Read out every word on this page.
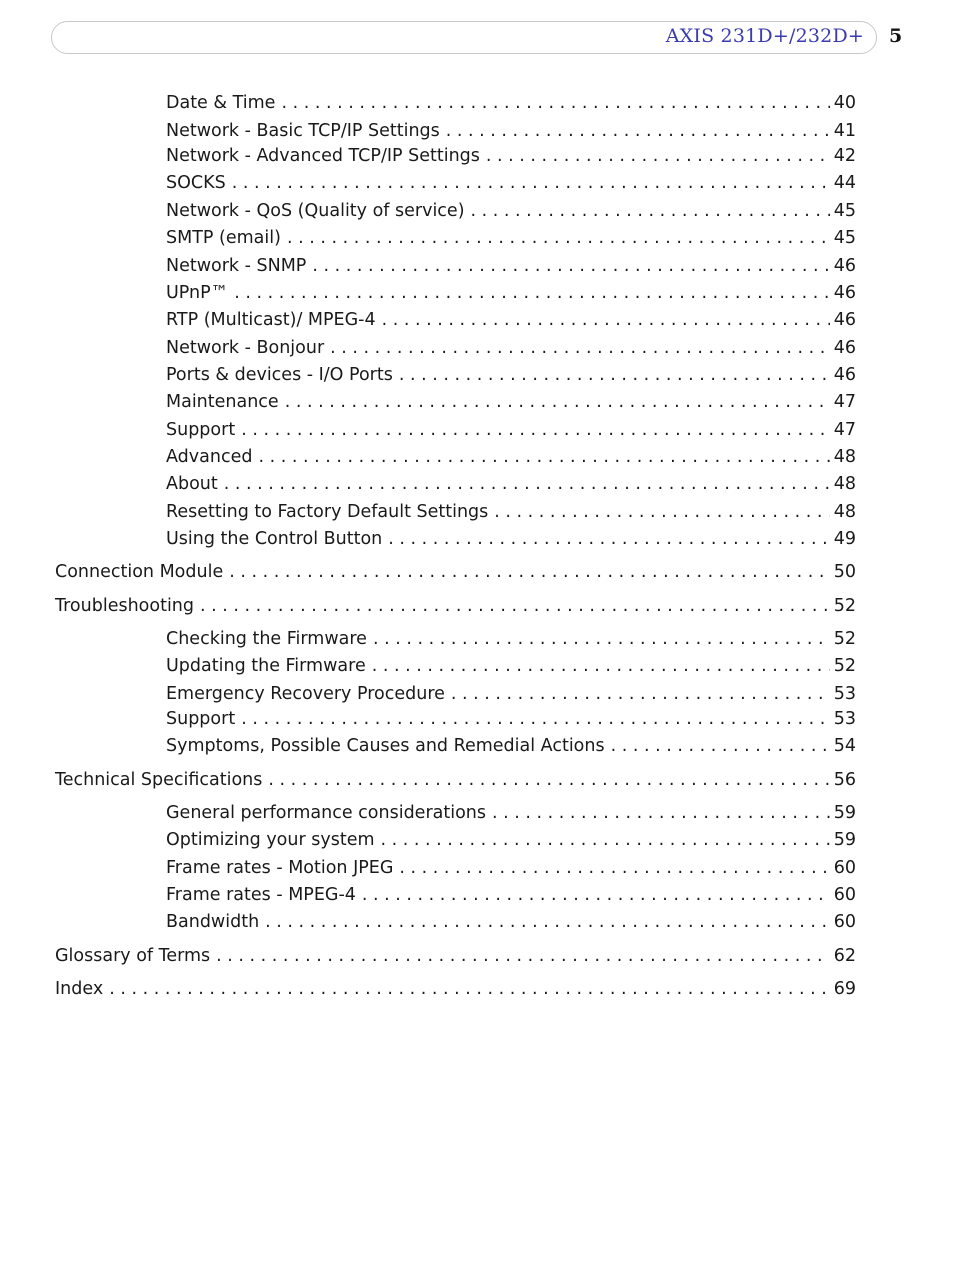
AXIS 231D+/232D+ 5
Date & Time . . .	40
Network - Basic TCP/IP Settings . . .	41
Network - Advanced TCP/IP Settings . . .	42
SOCKS . . .	44
Network - QoS (Quality of service) . . .	45
SMTP (email) . . .	45
Network - SNMP . . .	46
UPnP™ . . .	46
RTP (Multicast)/ MPEG-4 . . .	46
Network - Bonjour . . .	46
Ports & devices - I/O Ports . . .	46
Maintenance . . .	47
Support . . .	47
Advanced . . .	48
About . . .	48
Resetting to Factory Default Settings . . .	48
Using the Control Button . . .	49
Connection Module . . .	50
Troubleshooting . . .	52
Checking the Firmware . . .	52
Updating the Firmware . . .	52
Emergency Recovery Procedure . . .	53
Support . . .	53
Symptoms, Possible Causes and Remedial Actions . . .	54
Technical Specifications . . .	56
General performance considerations . . .	59
Optimizing your system . . .	59
Frame rates - Motion JPEG . . .	60
Frame rates - MPEG-4 . . .	60
Bandwidth . . .	60
Glossary of Terms . . .	62
Index . . .	69
